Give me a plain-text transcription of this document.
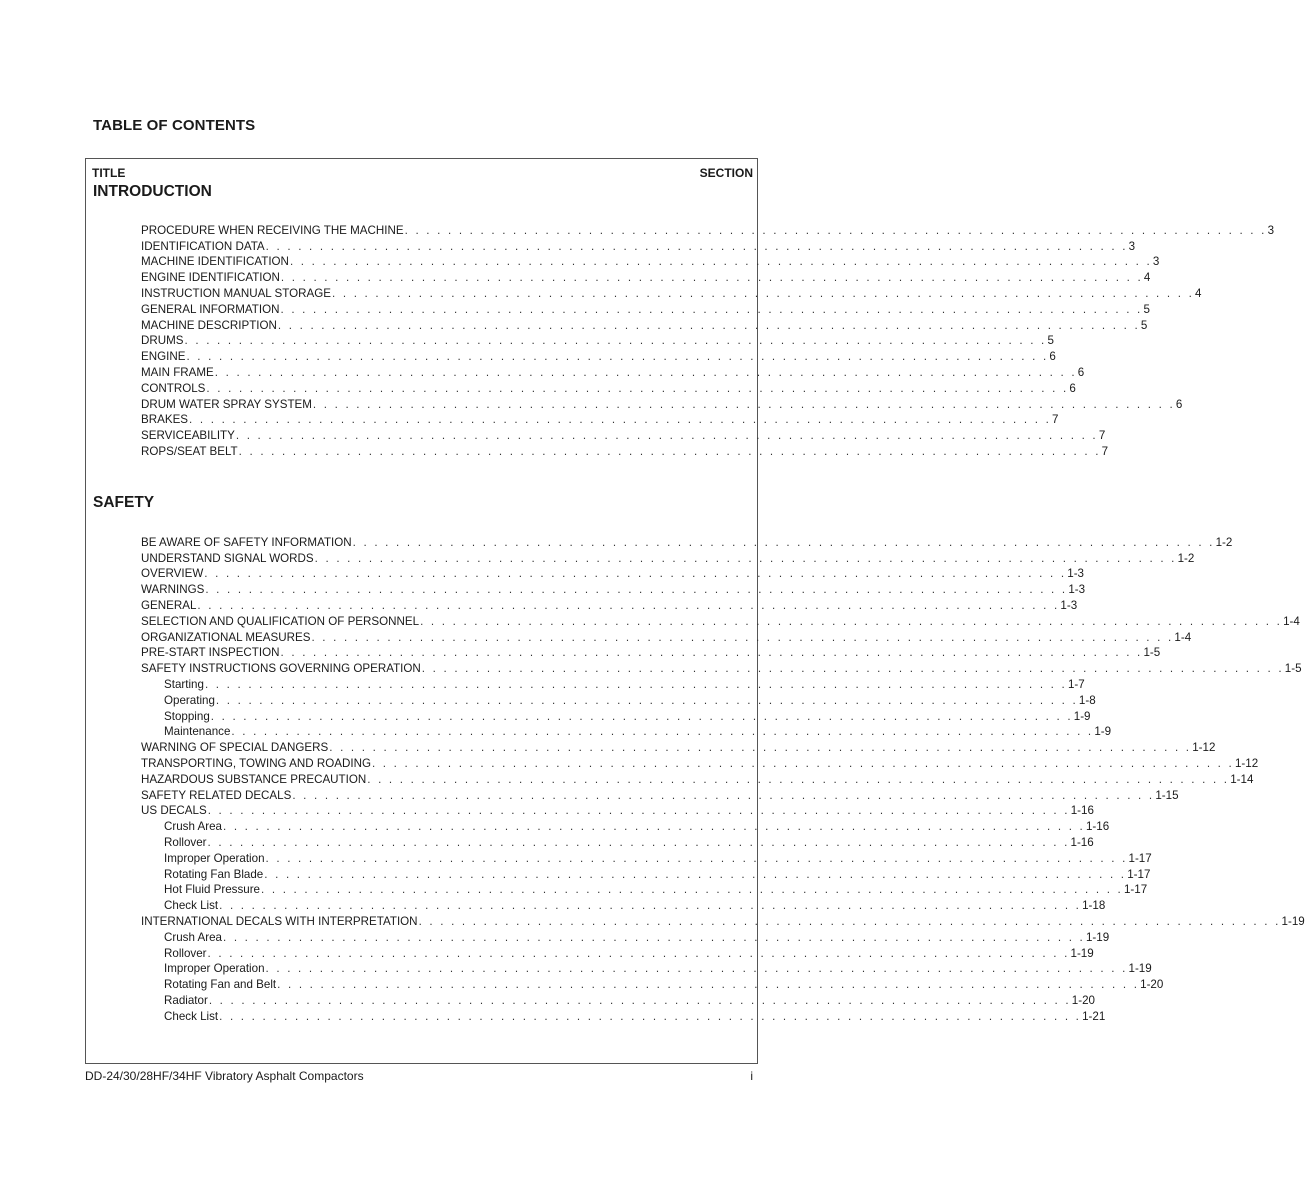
TABLE OF CONTENTS
TITLE	SECTION
INTRODUCTION
PROCEDURE WHEN RECEIVING THE MACHINE . . . . . . . . . . . . . . . . . . . . . . . . . . . . . . . . . . . . . . . . . . . . . . . . . . . . . . . . . . . . . . . . . . . . . . . . . . . . . . . . 3
IDENTIFICATION DATA . . . . . . . . . . . . . . . . . . . . . . . . . . . . . . . . . . . . . . . . . . . . . . . . . . . . . . . . . . . . . . . . . . . . . . . . . . . . . . . . 3
MACHINE IDENTIFICATION . . . . . . . . . . . . . . . . . . . . . . . . . . . . . . . . . . . . . . . . . . . . . . . . . . . . . . . . . . . . . . . . . . . . . . . . . . . . . . . . 3
ENGINE IDENTIFICATION . . . . . . . . . . . . . . . . . . . . . . . . . . . . . . . . . . . . . . . . . . . . . . . . . . . . . . . . . . . . . . . . . . . . . . . . . . . . . . . . 4
INSTRUCTION MANUAL STORAGE . . . . . . . . . . . . . . . . . . . . . . . . . . . . . . . . . . . . . . . . . . . . . . . . . . . . . . . . . . . . . . . . . . . . . . . . . . . . . . . . 4
GENERAL INFORMATION . . . . . . . . . . . . . . . . . . . . . . . . . . . . . . . . . . . . . . . . . . . . . . . . . . . . . . . . . . . . . . . . . . . . . . . . . . . . . . . . 5
MACHINE DESCRIPTION . . . . . . . . . . . . . . . . . . . . . . . . . . . . . . . . . . . . . . . . . . . . . . . . . . . . . . . . . . . . . . . . . . . . . . . . . . . . . . . . 5
DRUMS . . . . . . . . . . . . . . . . . . . . . . . . . . . . . . . . . . . . . . . . . . . . . . . . . . . . . . . . . . . . . . . . . . . . . . . . . . . . . . . . 5
ENGINE . . . . . . . . . . . . . . . . . . . . . . . . . . . . . . . . . . . . . . . . . . . . . . . . . . . . . . . . . . . . . . . . . . . . . . . . . . . . . . . . 6
MAIN FRAME . . . . . . . . . . . . . . . . . . . . . . . . . . . . . . . . . . . . . . . . . . . . . . . . . . . . . . . . . . . . . . . . . . . . . . . . . . . . . . . . 6
CONTROLS . . . . . . . . . . . . . . . . . . . . . . . . . . . . . . . . . . . . . . . . . . . . . . . . . . . . . . . . . . . . . . . . . . . . . . . . . . . . . . . . 6
DRUM WATER SPRAY SYSTEM . . . . . . . . . . . . . . . . . . . . . . . . . . . . . . . . . . . . . . . . . . . . . . . . . . . . . . . . . . . . . . . . . . . . . . . . . . . . . . . . 6
BRAKES . . . . . . . . . . . . . . . . . . . . . . . . . . . . . . . . . . . . . . . . . . . . . . . . . . . . . . . . . . . . . . . . . . . . . . . . . . . . . . . . 7
SERVICEABILITY . . . . . . . . . . . . . . . . . . . . . . . . . . . . . . . . . . . . . . . . . . . . . . . . . . . . . . . . . . . . . . . . . . . . . . . . . . . . . . . . 7
ROPS/SEAT BELT . . . . . . . . . . . . . . . . . . . . . . . . . . . . . . . . . . . . . . . . . . . . . . . . . . . . . . . . . . . . . . . . . . . . . . . . . . . . . . . . 7
SAFETY
BE AWARE OF SAFETY INFORMATION . . . . . . . . . . . . . . . . . . . . . . . . . . . . . . . . . . . . . . . . . . . . . . . . . . . . . . . . . . . . . . . . . . . . . . . . . . . . . . . . 1-2
UNDERSTAND SIGNAL WORDS . . . . . . . . . . . . . . . . . . . . . . . . . . . . . . . . . . . . . . . . . . . . . . . . . . . . . . . . . . . . . . . . . . . . . . . . . . . . . . . . 1-2
OVERVIEW . . . . . . . . . . . . . . . . . . . . . . . . . . . . . . . . . . . . . . . . . . . . . . . . . . . . . . . . . . . . . . . . . . . . . . . . . . . . . . . . 1-3
WARNINGS . . . . . . . . . . . . . . . . . . . . . . . . . . . . . . . . . . . . . . . . . . . . . . . . . . . . . . . . . . . . . . . . . . . . . . . . . . . . . . . . 1-3
GENERAL . . . . . . . . . . . . . . . . . . . . . . . . . . . . . . . . . . . . . . . . . . . . . . . . . . . . . . . . . . . . . . . . . . . . . . . . . . . . . . . . 1-3
SELECTION AND QUALIFICATION OF PERSONNEL . . . . . . . . . . . . . . . . . . . . . . . . . . . . . . . . . . . . . . . . . . . . . . . . . . . . . . . . . . . . . . . . . . . . . . . . . . . . . . . . 1-4
ORGANIZATIONAL MEASURES . . . . . . . . . . . . . . . . . . . . . . . . . . . . . . . . . . . . . . . . . . . . . . . . . . . . . . . . . . . . . . . . . . . . . . . . . . . . . . . . 1-4
PRE-START INSPECTION . . . . . . . . . . . . . . . . . . . . . . . . . . . . . . . . . . . . . . . . . . . . . . . . . . . . . . . . . . . . . . . . . . . . . . . . . . . . . . . . 1-5
SAFETY INSTRUCTIONS GOVERNING OPERATION . . . . . . . . . . . . . . . . . . . . . . . . . . . . . . . . . . . . . . . . . . . . . . . . . . . . . . . . . . . . . . . . . . . . . . . . . . . . . . . . 1-5
Starting . . . . . . . . . . . . . . . . . . . . . . . . . . . . . . . . . . . . . . . . . . . . . . . . . . . . . . . . . . . . . . . . . . . . . . . . . . . . . . . . 1-7
Operating . . . . . . . . . . . . . . . . . . . . . . . . . . . . . . . . . . . . . . . . . . . . . . . . . . . . . . . . . . . . . . . . . . . . . . . . . . . . . . . . 1-8
Stopping . . . . . . . . . . . . . . . . . . . . . . . . . . . . . . . . . . . . . . . . . . . . . . . . . . . . . . . . . . . . . . . . . . . . . . . . . . . . . . . . 1-9
Maintenance . . . . . . . . . . . . . . . . . . . . . . . . . . . . . . . . . . . . . . . . . . . . . . . . . . . . . . . . . . . . . . . . . . . . . . . . . . . . . . . . 1-9
WARNING OF SPECIAL DANGERS . . . . . . . . . . . . . . . . . . . . . . . . . . . . . . . . . . . . . . . . . . . . . . . . . . . . . . . . . . . . . . . . . . . . . . . . . . . . . . . . 1-12
TRANSPORTING, TOWING AND ROADING . . . . . . . . . . . . . . . . . . . . . . . . . . . . . . . . . . . . . . . . . . . . . . . . . . . . . . . . . . . . . . . . . . . . . . . . . . . . . . . . 1-12
HAZARDOUS SUBSTANCE PRECAUTION . . . . . . . . . . . . . . . . . . . . . . . . . . . . . . . . . . . . . . . . . . . . . . . . . . . . . . . . . . . . . . . . . . . . . . . . . . . . . . . . 1-14
SAFETY RELATED DECALS . . . . . . . . . . . . . . . . . . . . . . . . . . . . . . . . . . . . . . . . . . . . . . . . . . . . . . . . . . . . . . . . . . . . . . . . . . . . . . . . 1-15
US DECALS . . . . . . . . . . . . . . . . . . . . . . . . . . . . . . . . . . . . . . . . . . . . . . . . . . . . . . . . . . . . . . . . . . . . . . . . . . . . . . . . 1-16
Crush Area . . . . . . . . . . . . . . . . . . . . . . . . . . . . . . . . . . . . . . . . . . . . . . . . . . . . . . . . . . . . . . . . . . . . . . . . . . . . . . . . 1-16
Rollover . . . . . . . . . . . . . . . . . . . . . . . . . . . . . . . . . . . . . . . . . . . . . . . . . . . . . . . . . . . . . . . . . . . . . . . . . . . . . . . . 1-16
Improper Operation . . . . . . . . . . . . . . . . . . . . . . . . . . . . . . . . . . . . . . . . . . . . . . . . . . . . . . . . . . . . . . . . . . . . . . . . . . . . . . . . 1-17
Rotating Fan Blade . . . . . . . . . . . . . . . . . . . . . . . . . . . . . . . . . . . . . . . . . . . . . . . . . . . . . . . . . . . . . . . . . . . . . . . . . . . . . . . . 1-17
Hot Fluid Pressure . . . . . . . . . . . . . . . . . . . . . . . . . . . . . . . . . . . . . . . . . . . . . . . . . . . . . . . . . . . . . . . . . . . . . . . . . . . . . . . . 1-17
Check List . . . . . . . . . . . . . . . . . . . . . . . . . . . . . . . . . . . . . . . . . . . . . . . . . . . . . . . . . . . . . . . . . . . . . . . . . . . . . . . . 1-18
INTERNATIONAL DECALS WITH INTERPRETATION . . . . . . . . . . . . . . . . . . . . . . . . . . . . . . . . . . . . . . . . . . . . . . . . . . . . . . . . . . . . . . . . . . . . . . . . . . . . . . . . 1-19
Crush Area . . . . . . . . . . . . . . . . . . . . . . . . . . . . . . . . . . . . . . . . . . . . . . . . . . . . . . . . . . . . . . . . . . . . . . . . . . . . . . . . 1-19
Rollover . . . . . . . . . . . . . . . . . . . . . . . . . . . . . . . . . . . . . . . . . . . . . . . . . . . . . . . . . . . . . . . . . . . . . . . . . . . . . . . . 1-19
Improper Operation . . . . . . . . . . . . . . . . . . . . . . . . . . . . . . . . . . . . . . . . . . . . . . . . . . . . . . . . . . . . . . . . . . . . . . . . . . . . . . . . 1-19
Rotating Fan and Belt . . . . . . . . . . . . . . . . . . . . . . . . . . . . . . . . . . . . . . . . . . . . . . . . . . . . . . . . . . . . . . . . . . . . . . . . . . . . . . . . 1-20
Radiator . . . . . . . . . . . . . . . . . . . . . . . . . . . . . . . . . . . . . . . . . . . . . . . . . . . . . . . . . . . . . . . . . . . . . . . . . . . . . . . . 1-20
Check List . . . . . . . . . . . . . . . . . . . . . . . . . . . . . . . . . . . . . . . . . . . . . . . . . . . . . . . . . . . . . . . . . . . . . . . . . . . . . . . . 1-21
DD-24/30/28HF/34HF Vibratory Asphalt Compactors	i
